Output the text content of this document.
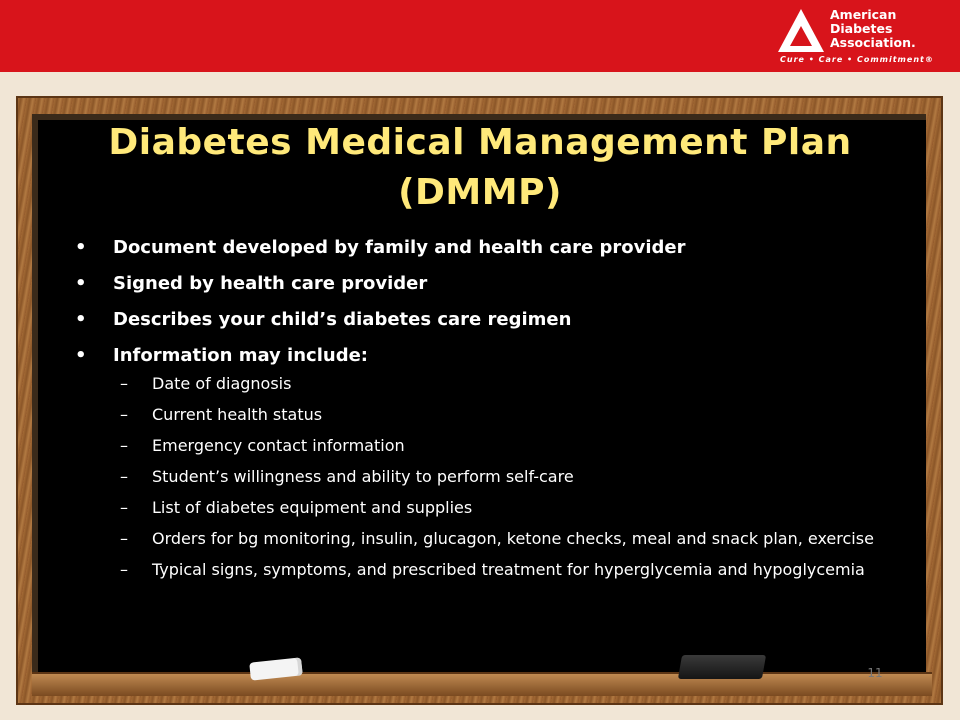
American
Diabetes
Association.
Cure • Care • Commitment®
Diabetes Medical Management Plan
(DMMP)
• Document developed by family and health care provider
• Signed by health care provider
• Describes your child’s diabetes care regimen
• Information may include:
– Date of diagnosis
– Current health status
– Emergency contact information
– Student’s willingness and ability to perform self-care
– List of diabetes equipment and supplies
– Orders for bg monitoring, insulin, glucagon, ketone checks, meal and snack plan, exercise
– Typical signs, symptoms, and prescribed treatment for hyperglycemia and hypoglycemia
11
